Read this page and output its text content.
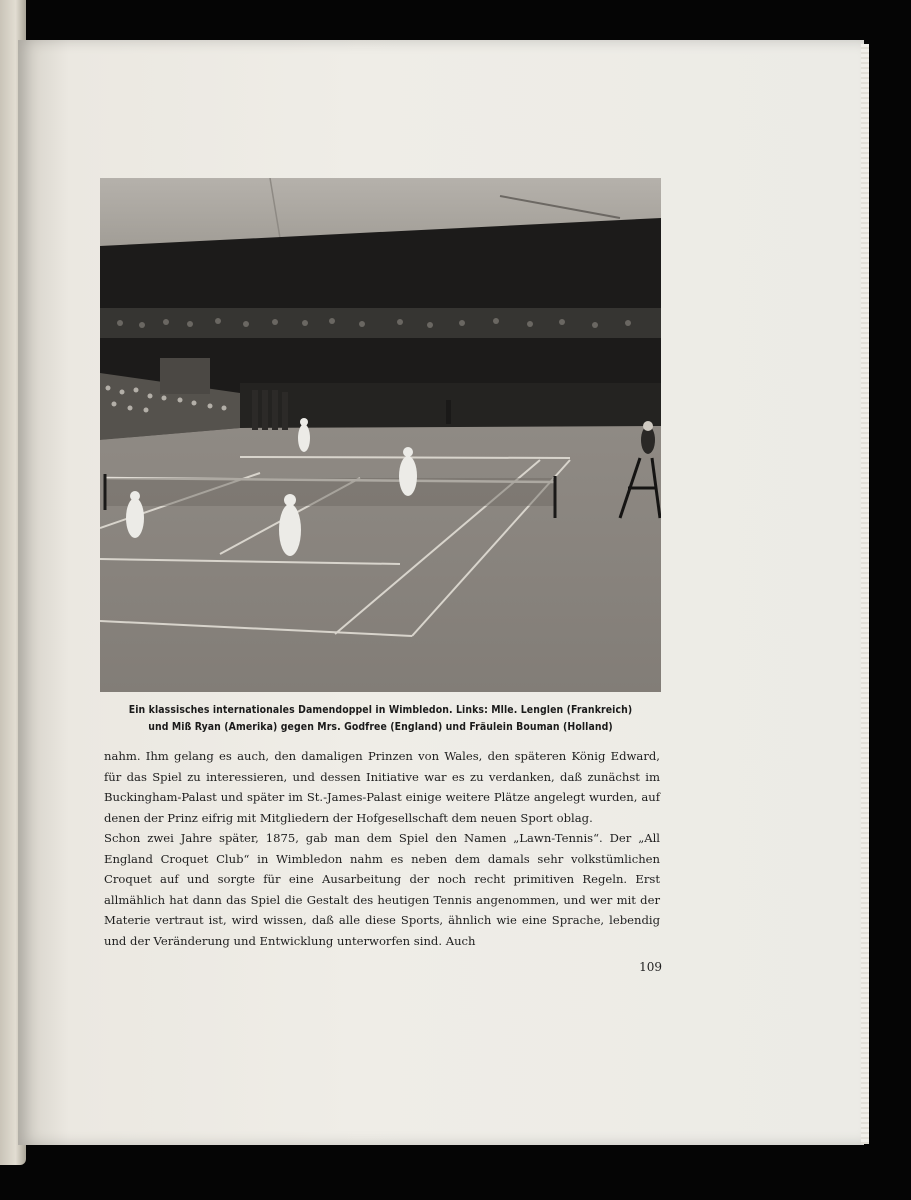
Ein klassisches internationales Damendoppel in Wimbledon. Links: Mlle. Lenglen (Frankreich)
und Miß Ryan (Amerika) gegen Mrs. Godfree (England) und Fräulein Bouman (Holland)

nahm. Ihm gelang es auch, den damaligen Prinzen von Wales, den späteren König Edward, für das Spiel zu interessieren, und dessen Initiative war es zu verdanken, daß zunächst im Buckingham-Palast und später im St.-James-Palast einige weitere Plätze angelegt wurden, auf denen der Prinz eifrig mit Mitgliedern der Hofgesellschaft dem neuen Sport oblag.

Schon zwei Jahre später, 1875, gab man dem Spiel den Namen „Lawn-Tennis“. Der „All England Croquet Club“ in Wimbledon nahm es neben dem damals sehr volkstümlichen Croquet auf und sorgte für eine Ausarbeitung der noch recht primitiven Regeln. Erst allmählich hat dann das Spiel die Gestalt des heutigen Tennis angenommen, und wer mit der Materie vertraut ist, wird wissen, daß alle diese Sports, ähnlich wie eine Sprache, lebendig und der Veränderung und Entwicklung unterworfen sind. Auch

109
